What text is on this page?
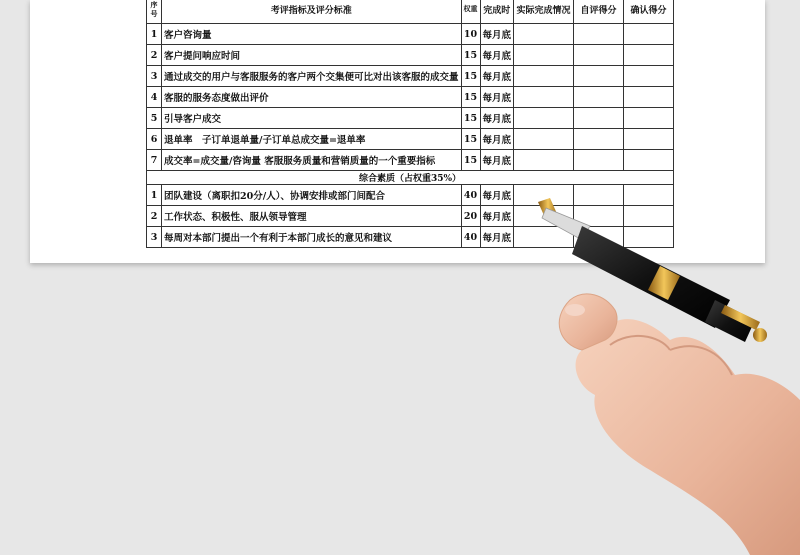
序号	考评指标及评分标准	权重	完成时	实际完成情况	自评得分	确认得分
1	客户咨询量	10	每月底			
2	客户提问响应时间	15	每月底			
3	通过成交的用户与客服服务的客户两个交集便可比对出该客服的成交量	15	每月底			
4	客服的服务态度做出评价	15	每月底			
5	引导客户成交	15	每月底			
6	退单率　子订单退单量/子订单总成交量=退单率	15	每月底			
7	成交率=成交量/咨询量 客服服务质量和营销质量的一个重要指标	15	每月底			
综合素质（占权重35%）						
1	团队建设（离职扣20分/人）、协调安排或部门间配合	40	每月底			
2	工作状态、积极性、服从领导管理	20	每月底			
3	每周对本部门提出一个有利于本部门成长的意见和建议	40	每月底			
